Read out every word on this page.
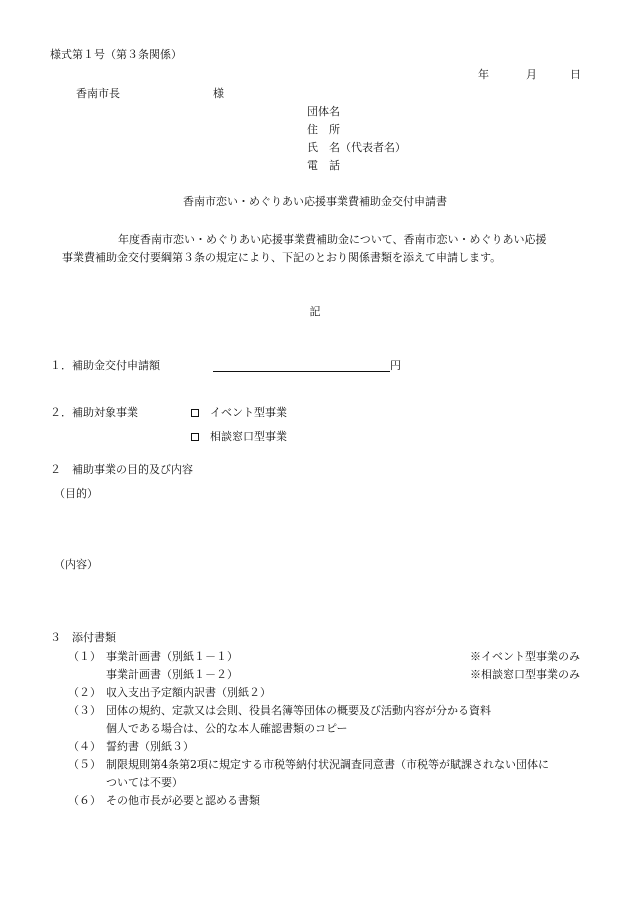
様式第１号（第３条関係）
年	月	日
香南市長	様
団体名
住　所
氏　名（代表者名）
電　話
香南市恋い・めぐりあい応援事業費補助金交付申請書
年度香南市恋い・めぐりあい応援事業費補助金について、香南市恋い・めぐりあい応援
事業費補助金交付要綱第３条の規定により、下記のとおり関係書類を添えて申請します。
記
１．補助金交付申請額	円
２．補助対象事業	イベント型事業
相談窓口型事業
２　補助事業の目的及び内容
（目的）
（内容）
３　添付書類
（１） 事業計画書（別紙１－１）	※イベント型事業のみ
事業計画書（別紙１－２）	※相談窓口型事業のみ
（２） 収入支出予定額内訳書（別紙２）
（３） 団体の規約、定款又は会則、役員名簿等団体の概要及び活動内容が分かる資料
個人である場合は、公的な本人確認書類のコピー
（４） 誓約書（別紙３）
（５） 制限規則第4条第2項に規定する市税等納付状況調査同意書（市税等が賦課されない団体に
ついては不要）
（６） その他市長が必要と認める書類
